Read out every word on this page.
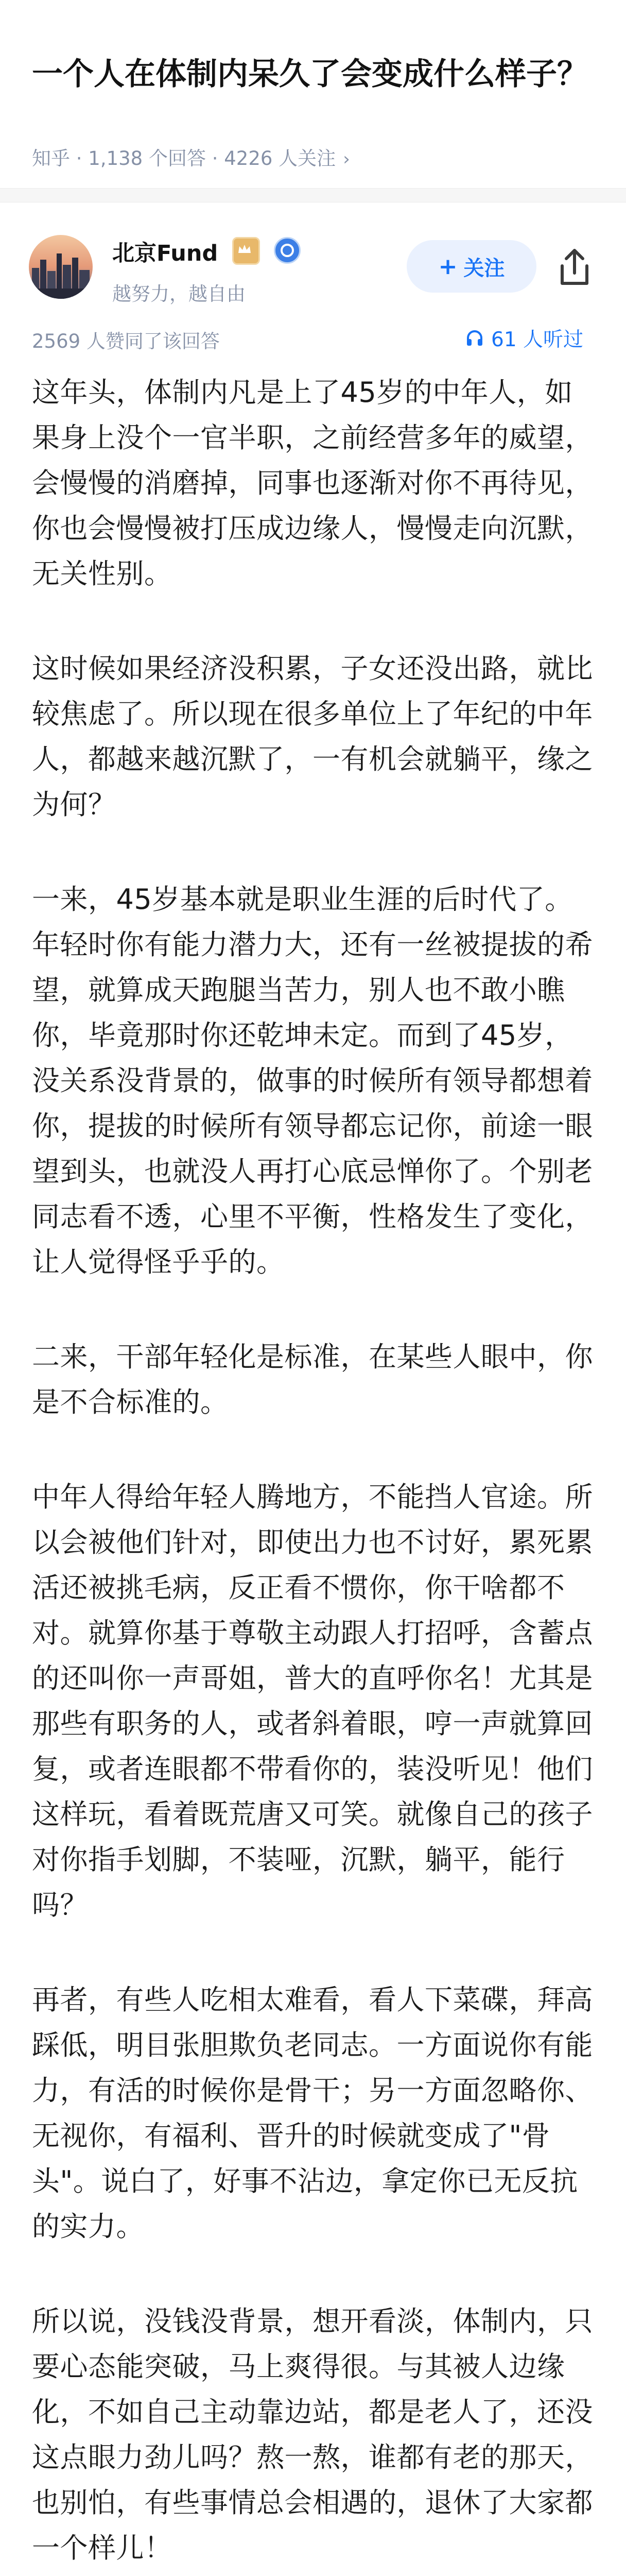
一个人在体制内呆久了会变成什么样子？
知乎 · 1,138 个回答 · 4226 人关注 ›
北京Fund
越努力，越自由
+ 关注
2569 人赞同了该回答	61 人听过

这年头，体制内凡是上了45岁的中年人，如果身上没个一官半职，之前经营多年的威望，会慢慢的消磨掉，同事也逐渐对你不再待见，你也会慢慢被打压成边缘人，慢慢走向沉默，无关性别。

这时候如果经济没积累，子女还没出路，就比较焦虑了。所以现在很多单位上了年纪的中年人，都越来越沉默了，一有机会就躺平，缘之为何？

一来，45岁基本就是职业生涯的后时代了。年轻时你有能力潜力大，还有一丝被提拔的希望，就算成天跑腿当苦力，别人也不敢小瞧你，毕竟那时你还乾坤未定。而到了45岁，没关系没背景的，做事的时候所有领导都想着你，提拔的时候所有领导都忘记你，前途一眼望到头，也就没人再打心底忌惮你了。个别老同志看不透，心里不平衡，性格发生了变化，让人觉得怪乎乎的。

二来，干部年轻化是标准，在某些人眼中，你是不合标准的。

中年人得给年轻人腾地方，不能挡人官途。所以会被他们针对，即使出力也不讨好，累死累活还被挑毛病，反正看不惯你，你干啥都不对。就算你基于尊敬主动跟人打招呼，含蓄点的还叫你一声哥姐，普大的直呼你名！尤其是那些有职务的人，或者斜着眼，哼一声就算回复，或者连眼都不带看你的，装没听见！他们这样玩，看着既荒唐又可笑。就像自己的孩子对你指手划脚，不装哑，沉默，躺平，能行吗？

再者，有些人吃相太难看，看人下菜碟，拜高踩低，明目张胆欺负老同志。一方面说你有能力，有活的时候你是骨干；另一方面忽略你、无视你，有福利、晋升的时候就变成了"骨头"。说白了，好事不沾边，拿定你已无反抗的实力。

所以说，没钱没背景，想开看淡，体制内，只要心态能突破，马上爽得很。与其被人边缘化，不如自己主动靠边站，都是老人了，还没这点眼力劲儿吗？熬一熬，谁都有老的那天，也别怕，有些事情总会相遇的，退休了大家都一个样儿！
